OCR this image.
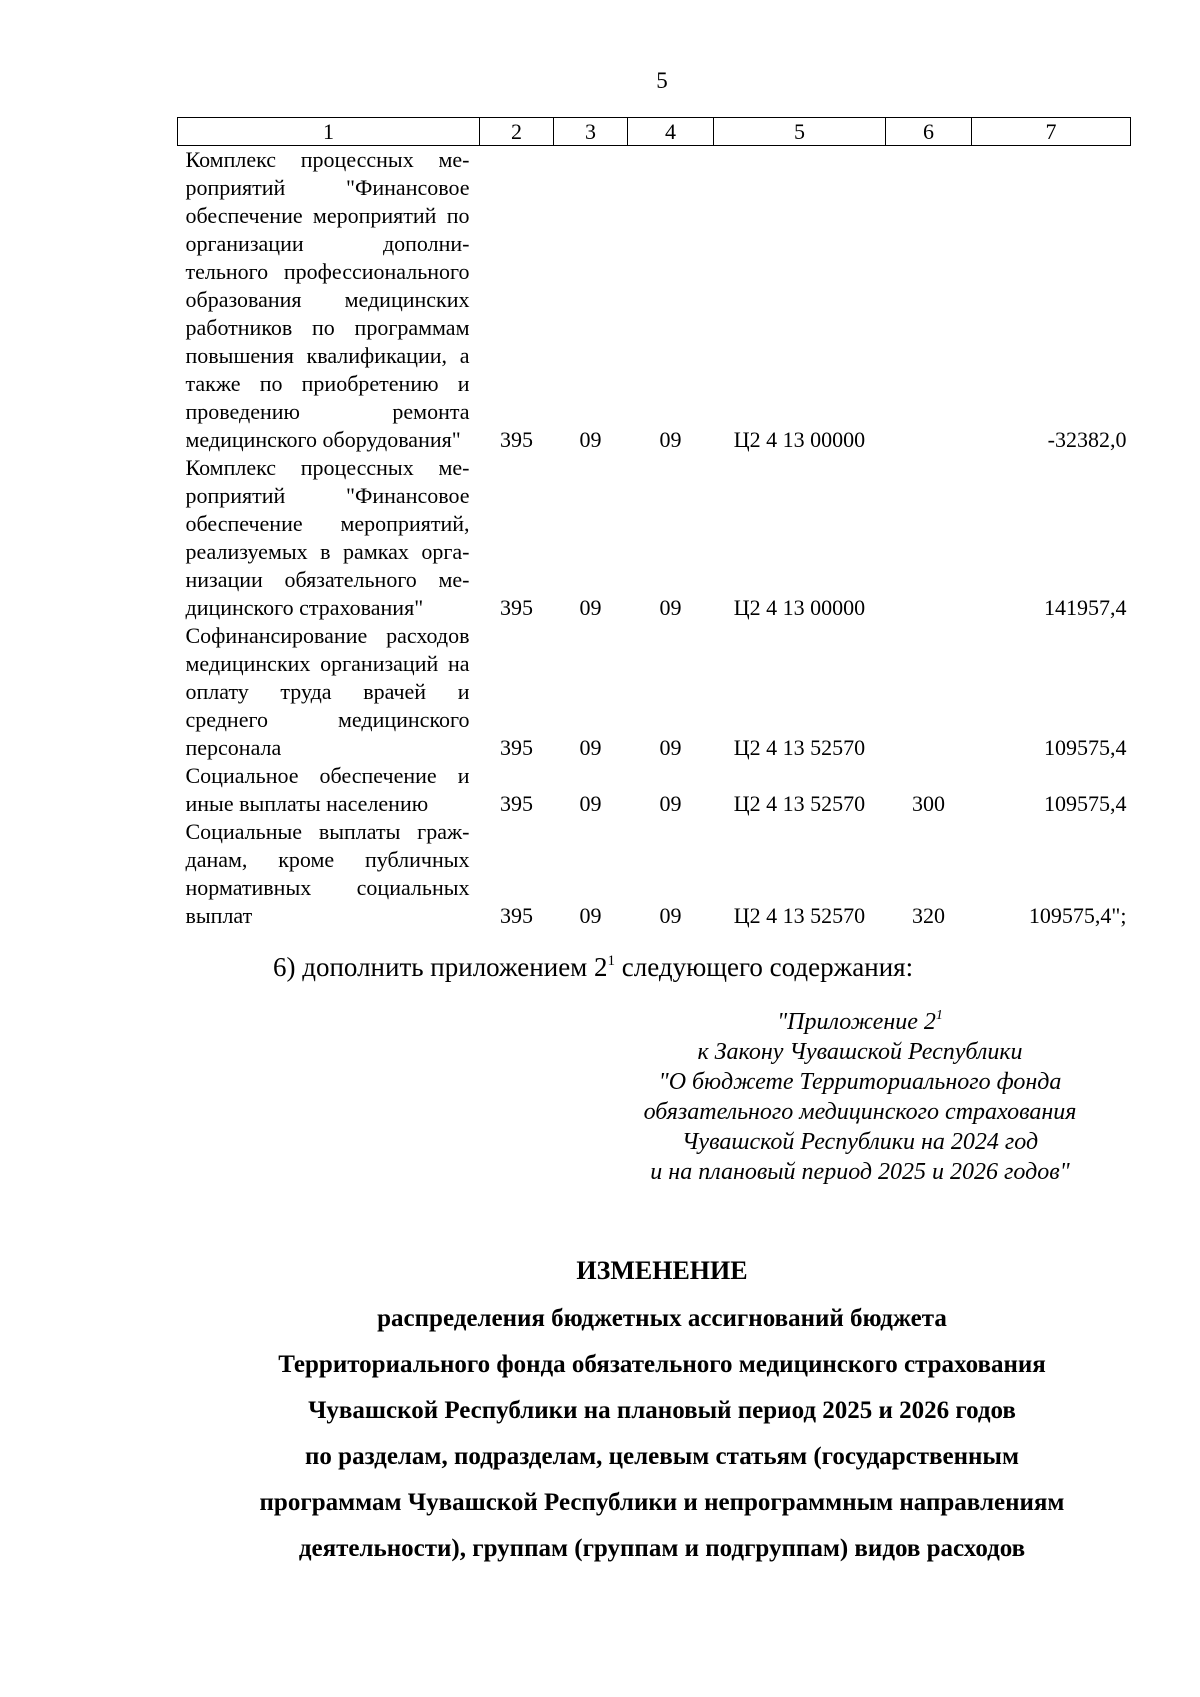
5
1	2	3	4	5	6	7
Комплекс процессных мероприятий "Финансовое обеспечение мероприятий по организации дополнительного профессионального образования медицинских работников по программам повышения квалификации, а также по приобретению и проведению ремонта медицинского оборудования"	395	09	09	Ц2 4 13 00000		-32382,0
Комплекс процессных мероприятий "Финансовое обеспечение мероприятий, реализуемых в рамках организации обязательного медицинского страхования"	395	09	09	Ц2 4 13 00000		141957,4
Софинансирование расходов медицинских организаций на оплату труда врачей и среднего медицинского персонала	395	09	09	Ц2 4 13 52570		109575,4
Социальное обеспечение и иные выплаты населению	395	09	09	Ц2 4 13 52570	300	109575,4
Социальные выплаты гражданам, кроме публичных нормативных социальных выплат	395	09	09	Ц2 4 13 52570	320	109575,4";
6) дополнить приложением $2^1$ следующего содержания:
"Приложение $2^1$
к Закону Чувашской Республики
"О бюджете Территориального фонда
обязательного медицинского страхования
Чувашской Республики на 2024 год
и на плановый период 2025 и 2026 годов"
ИЗМЕНЕНИЕ
распределения бюджетных ассигнований бюджета
Территориального фонда обязательного медицинского страхования
Чувашской Республики на плановый период 2025 и 2026 годов
по разделам, подразделам, целевым статьям (государственным
программам Чувашской Республики и непрограммным направлениям
деятельности), группам (группам и подгруппам) видов расходов
